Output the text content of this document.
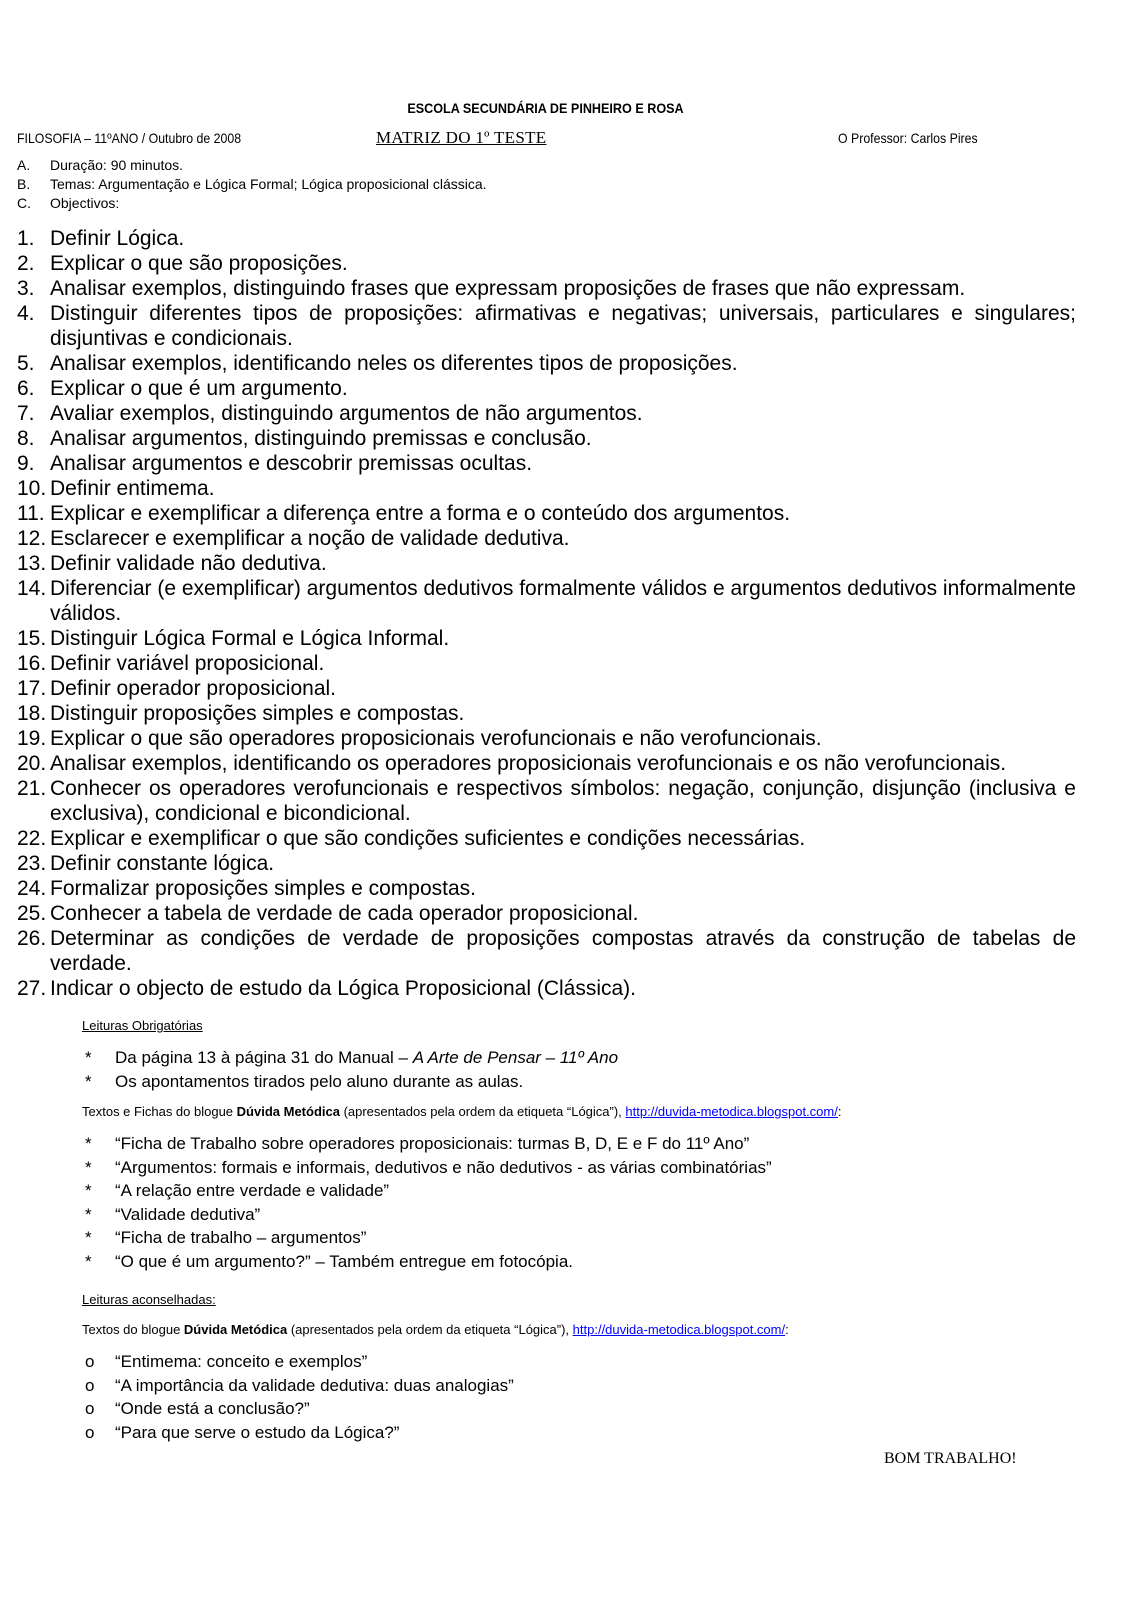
ESCOLA SECUNDÁRIA DE PINHEIRO E ROSA
FILOSOFIA – 11ºANO / Outubro de 2008	MATRIZ DO 1º TESTE	O Professor: Carlos Pires
A. Duração: 90 minutos.
B. Temas: Argumentação e Lógica Formal; Lógica proposicional clássica.
C. Objectivos:
1. Definir Lógica.
2. Explicar o que são proposições.
3. Analisar exemplos, distinguindo frases que expressam proposições de frases que não expressam.
4. Distinguir diferentes tipos de proposições: afirmativas e negativas; universais, particulares e singulares; disjuntivas e condicionais.
5. Analisar exemplos, identificando neles os diferentes tipos de proposições.
6. Explicar o que é um argumento.
7. Avaliar exemplos, distinguindo argumentos de não argumentos.
8. Analisar argumentos, distinguindo premissas e conclusão.
9. Analisar argumentos e descobrir premissas ocultas.
10. Definir entimema.
11. Explicar e exemplificar a diferença entre a forma e o conteúdo dos argumentos.
12. Esclarecer e exemplificar a noção de validade dedutiva.
13. Definir validade não dedutiva.
14. Diferenciar (e exemplificar) argumentos dedutivos formalmente válidos e argumentos dedutivos informalmente válidos.
15. Distinguir Lógica Formal e Lógica Informal.
16. Definir variável proposicional.
17. Definir operador proposicional.
18. Distinguir proposições simples e compostas.
19. Explicar o que são operadores proposicionais verofuncionais e não verofuncionais.
20. Analisar exemplos, identificando os operadores proposicionais verofuncionais e os não verofuncionais.
21. Conhecer os operadores verofuncionais e respectivos símbolos: negação, conjunção, disjunção (inclusiva e exclusiva), condicional e bicondicional.
22. Explicar e exemplificar o que são condições suficientes e condições necessárias.
23. Definir constante lógica.
24. Formalizar proposições simples e compostas.
25. Conhecer a tabela de verdade de cada operador proposicional.
26. Determinar as condições de verdade de proposições compostas através da construção de tabelas de verdade.
27. Indicar o objecto de estudo da Lógica Proposicional (Clássica).
Leituras Obrigatórias
*	Da página 13 à página 31 do Manual – A Arte de Pensar – 11º Ano
*	Os apontamentos tirados pelo aluno durante as aulas.
Textos e Fichas do blogue Dúvida Metódica (apresentados pela ordem da etiqueta “Lógica”), http://duvida-metodica.blogspot.com/:
*	“Ficha de Trabalho sobre operadores proposicionais: turmas B, D, E e F do 11º Ano”
*	“Argumentos: formais e informais, dedutivos e não dedutivos - as várias combinatórias”
*	“A relação entre verdade e validade”
*	“Validade dedutiva”
*	“Ficha de trabalho – argumentos”
*	“O que é um argumento?” – Também entregue em fotocópia.
Leituras aconselhadas:
Textos do blogue Dúvida Metódica (apresentados pela ordem da etiqueta “Lógica”), http://duvida-metodica.blogspot.com/:
o	“Entimema: conceito e exemplos”
o	“A importância da validade dedutiva: duas analogias”
o	“Onde está a conclusão?”
o	“Para que serve o estudo da Lógica?”
BOM TRABALHO!
